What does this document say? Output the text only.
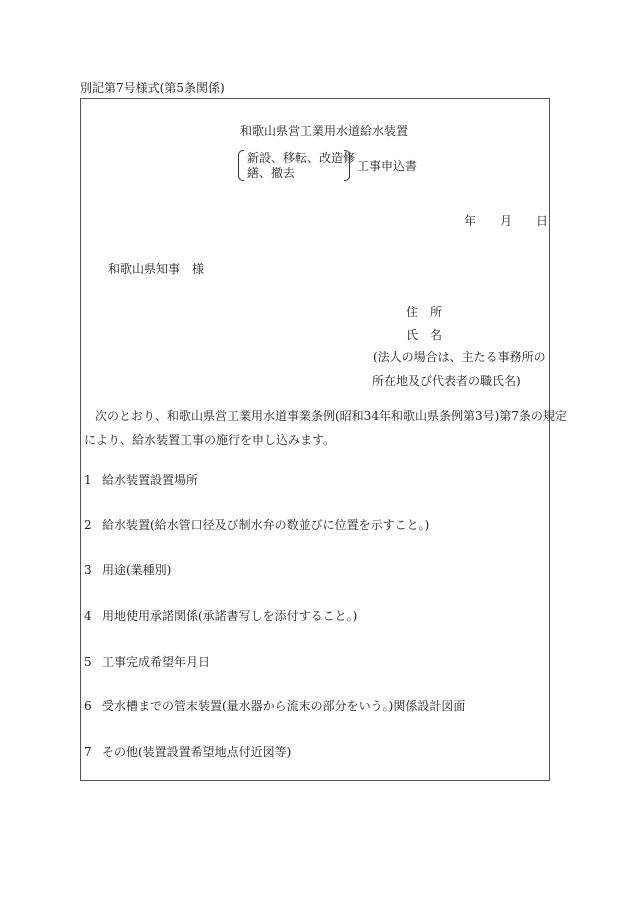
別記第7号様式(第5条関係)
和歌山県営工業用水道給水装置
新設、移転、改造修
繕、撤去	工事申込書
年 月 日
和歌山県知事　様
住　所
氏　名
(法人の場合は、主たる事務所の
所在地及び代表者の職氏名)
次のとおり、和歌山県営工業用水道事業条例(昭和34年和歌山県条例第3号)第7条の規定
により、給水装置工事の施行を申し込みます。
1 給水装置設置場所
2 給水装置(給水管口径及び制水弁の数並びに位置を示すこと。)
3 用途(業種別)
4 用地使用承諾関係(承諾書写しを添付すること。)
5 工事完成希望年月日
6 受水槽までの管末装置(量水器から流末の部分をいう。)関係設計図面
7 その他(装置設置希望地点付近図等)
